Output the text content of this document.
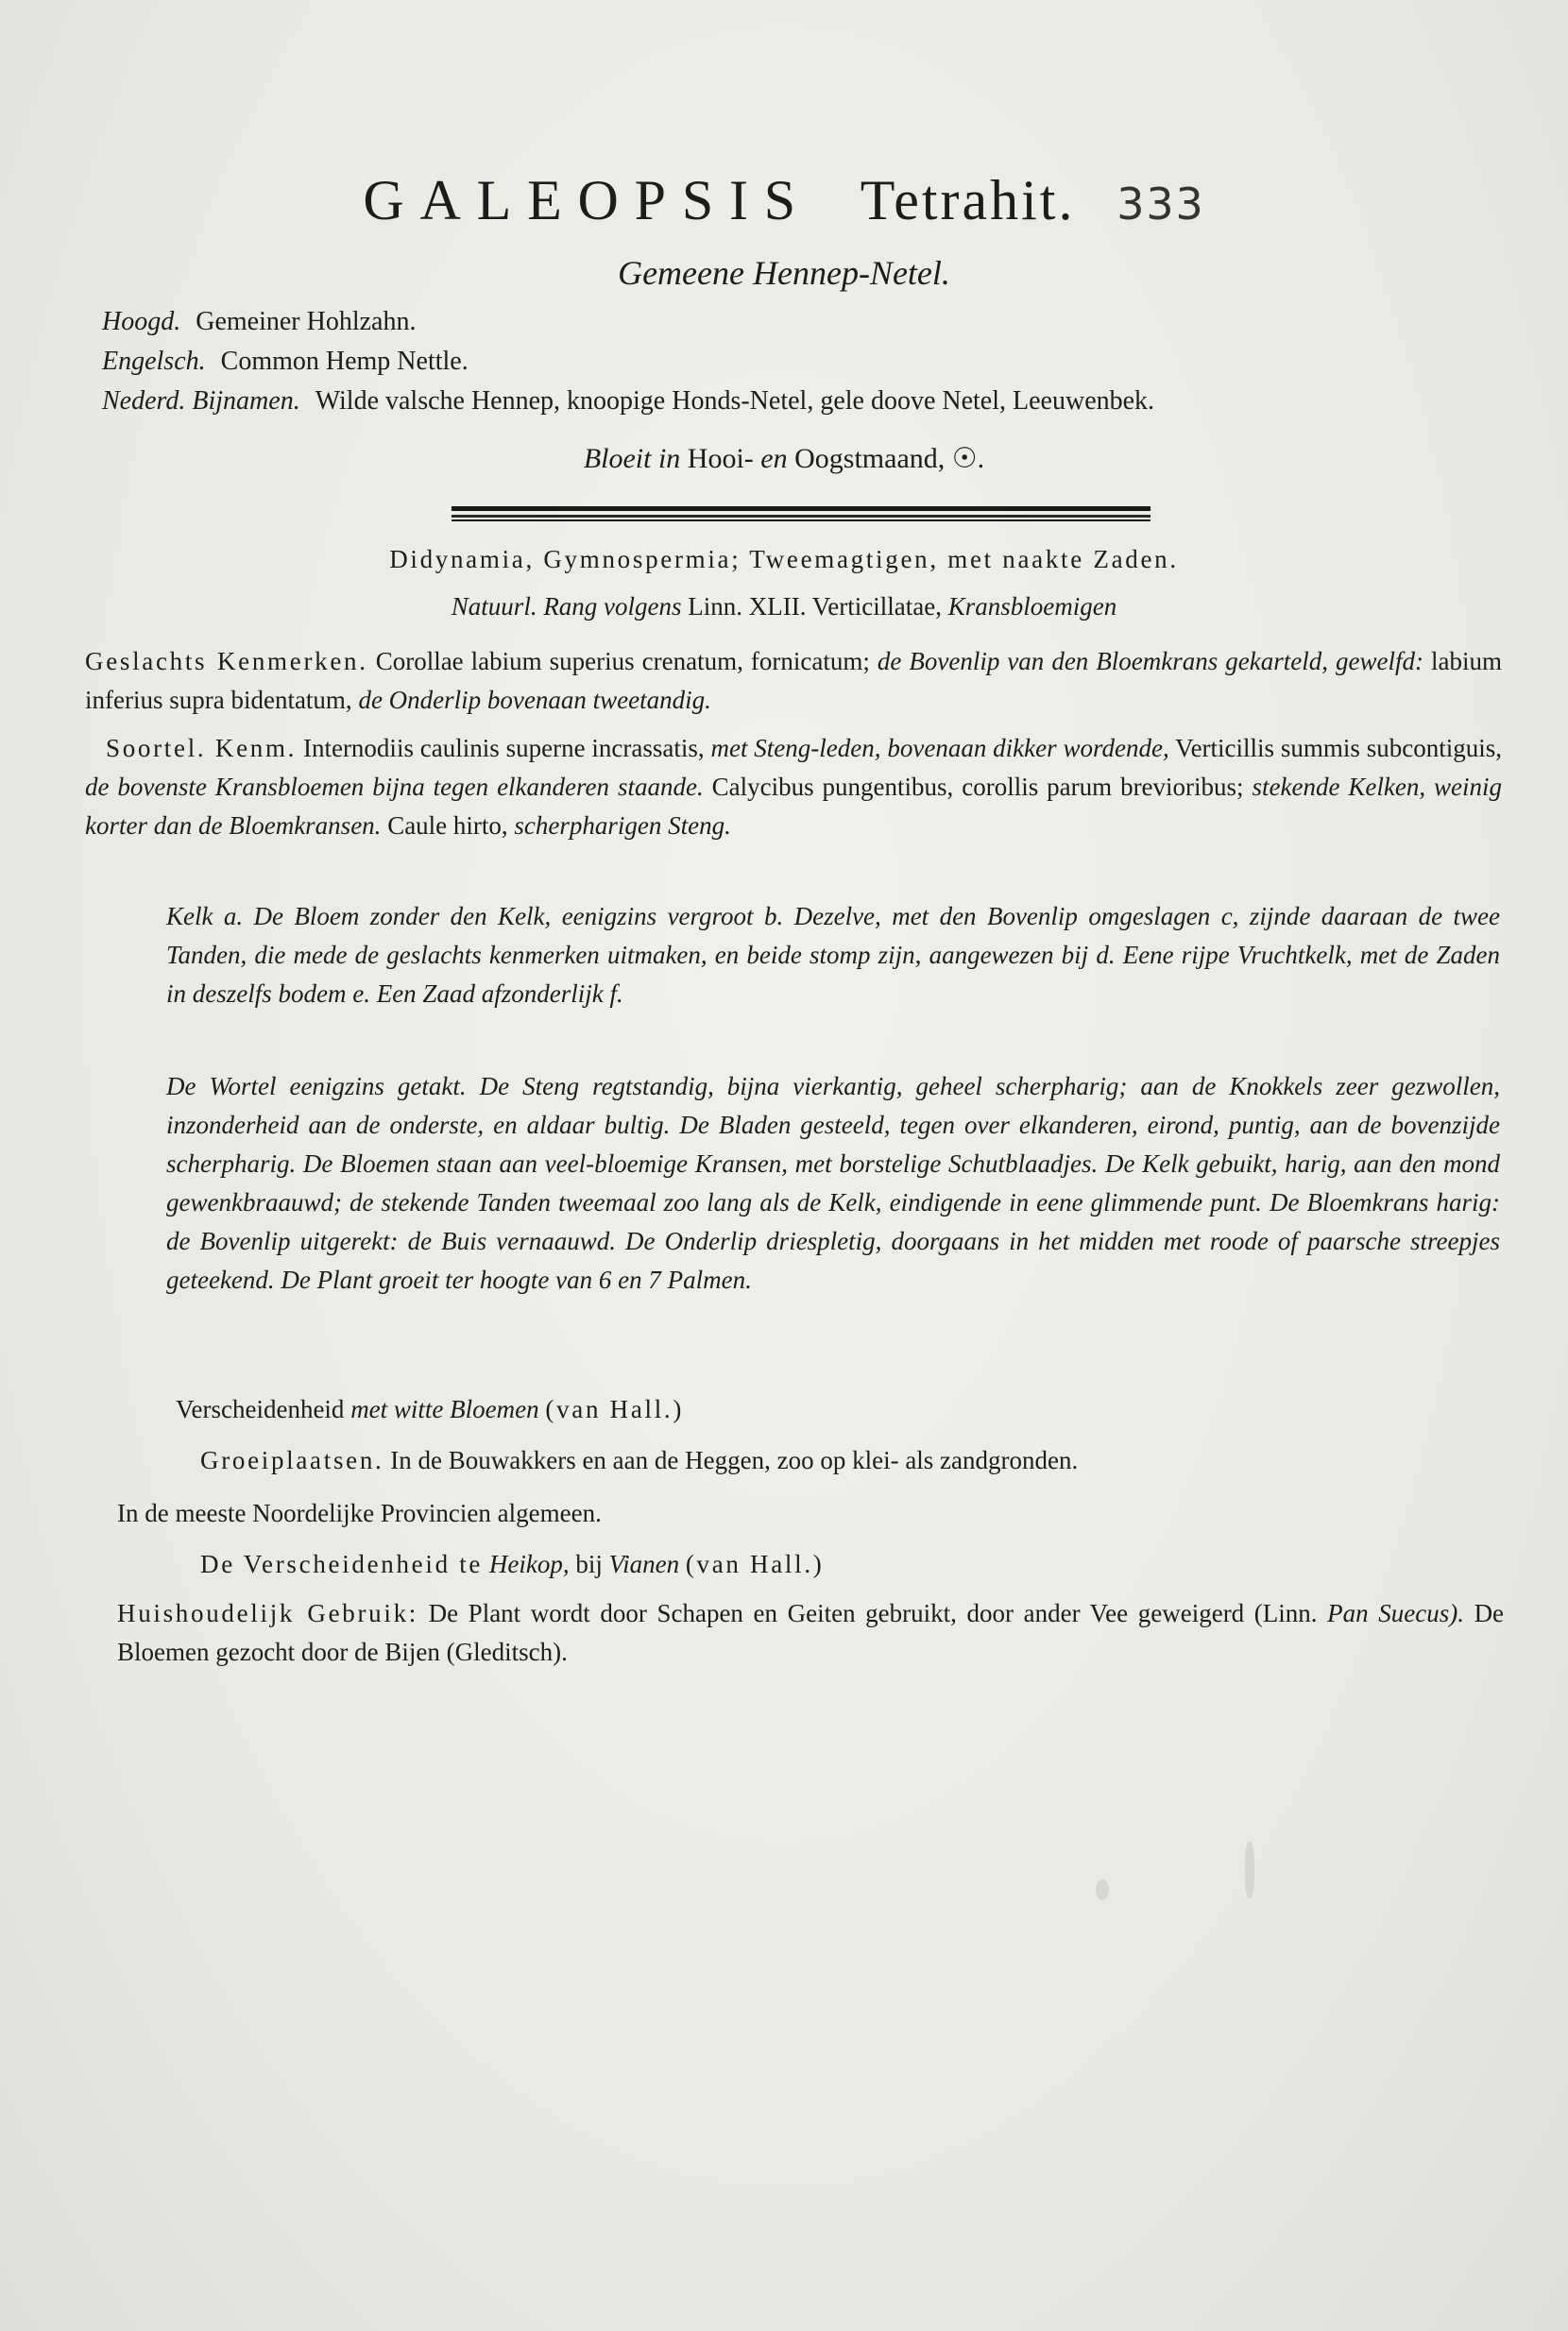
GALEOPSIS Tetrahit. 333
Gemeene Hennep-Netel.
Hoogd. Gemeiner Hohlzahn.
Engelsch. Common Hemp Nettle.
Nederd. Bijnamen. Wilde valsche Hennep, knoopige Honds-Netel, gele doove Netel, Leeuwenbek.
Bloeit in Hooi- en Oogstmaand, ☉.
Didynamia, Gymnospermia; Tweemagtigen, met naakte Zaden.
Natuurl. Rang volgens Linn. XLII. Verticillatae, Kransbloemigen
Geslachts Kenmerken. Corollae labium superius crenatum, fornicatum; de Bovenlip van den Bloemkrans gekarteld, gewelfd: labium inferius supra bidentatum, de Onderlip bovenaan tweetandig.
Soortel. Kenm. Internodiis caulinis superne incrassatis, met Steng-leden, bovenaan dikker wordende, Verticillis summis subcontiguis, de bovenste Kransbloemen bijna tegen elkanderen staande. Calycibus pungentibus, corollis parum brevioribus; stekende Kelken, weinig korter dan de Bloemkransen. Caule hirto, scherpharigen Steng.
Kelk a. De Bloem zonder den Kelk, eenigzins vergroot b. Dezelve, met den Bovenlip omgeslagen c, zijnde daaraan de twee Tanden, die mede de geslachts kenmerken uitmaken, en beide stomp zijn, aangewezen bij d. Eene rijpe Vruchtkelk, met de Zaden in deszelfs bodem e. Een Zaad afzonderlijk f.
De Wortel eenigzins getakt. De Steng regtstandig, bijna vierkantig, geheel scherpharig; aan de Knokkels zeer gezwollen, inzonderheid aan de onderste, en aldaar bultig. De Bladen gesteeld, tegen over elkanderen, eirond, puntig, aan de bovenzijde scherpharig. De Bloemen staan aan veel-bloemige Kransen, met borstelige Schutblaadjes. De Kelk gebuikt, harig, aan den mond gewenkbraauwd; de stekende Tanden tweemaal zoo lang als de Kelk, eindigende in eene glimmende punt. De Bloemkrans harig: de Bovenlip uitgerekt: de Buis vernaauwd. De Onderlip driespletig, doorgaans in het midden met roode of paarsche streepjes geteekend. De Plant groeit ter hoogte van 6 en 7 Palmen.
Verscheidenheid met witte Bloemen (van Hall.)
Groeiplaatsen. In de Bouwakkers en aan de Heggen, zoo op klei- als zandgronden.
In de meeste Noordelijke Provincien algemeen.
De Verscheidenheid te Heikop, bij Vianen (van Hall.)
Huishoudelijk Gebruik: De Plant wordt door Schapen en Geiten gebruikt, door ander Vee geweigerd (Linn. Pan Suecus). De Bloemen gezocht door de Bijen (Gleditsch).
